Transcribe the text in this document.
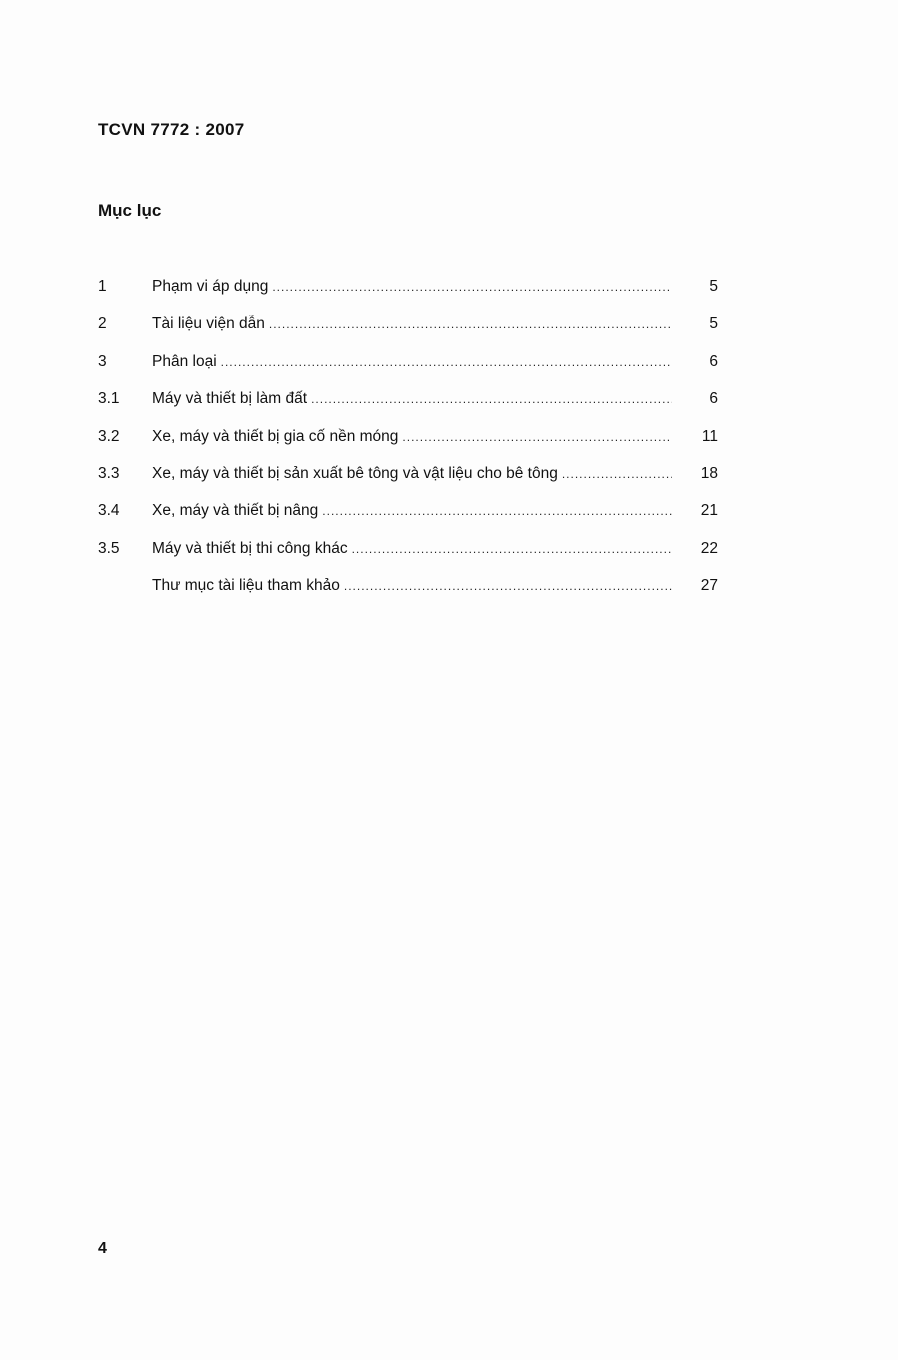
TCVN 7772 : 2007
Mục lục
1	Phạm vi áp dụng .....	5
2	Tài liệu viện dẫn .....	5
3	Phân loại .....	6
3.1	Máy và thiết bị làm đất .....	6
3.2	Xe, máy và thiết bị gia cố nền móng .....	11
3.3	Xe, máy và thiết bị sản xuất bê tông và vật liệu cho bê tông .....	18
3.4	Xe, máy và thiết bị nâng .....	21
3.5	Máy và thiết bị thi công khác .....	22
Thư mục tài liệu tham khảo .....	27
4
